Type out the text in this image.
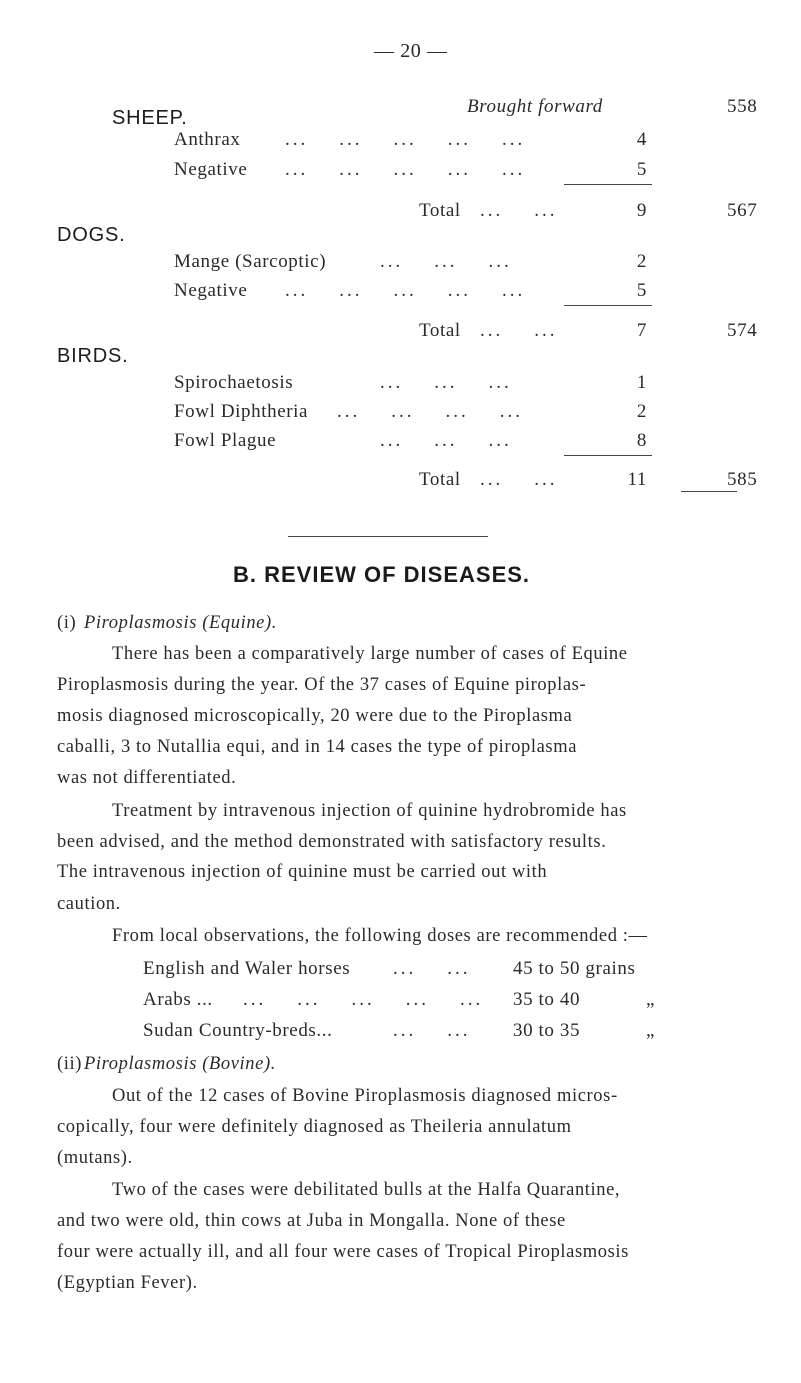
— 20 —
SHEEP.
Brought forward	558
Anthrax ...    ...    ...    ...    ...	4
Negative ...    ...    ...    ...    ...	5
Total ...    ...	9	567
DOGS.
Mange (Sarcoptic)	...    ...    ...	2
Negative ...    ...    ...    ...    ...	5
Total ...    ...	7	574
BIRDS.
Spirochaetosis	...    ...    ...	1
Fowl Diphtheria ...    ...    ...    ...	2
Fowl Plague	...    ...    ...	8
Total ...    ...	11	585
B. REVIEW OF DISEASES.
(i) Piroplasmosis (Equine).
There has been a comparatively large number of cases of Equine
Piroplasmosis during the year. Of the 37 cases of Equine piroplas-
mosis diagnosed microscopically, 20 were due to the Piroplasma
caballi, 3 to Nutallia equi, and in 14 cases the type of piroplasma
was not differentiated.
Treatment by intravenous injection of quinine hydrobromide has
been advised, and the method demonstrated with satisfactory results.
The intravenous injection of quinine must be carried out with
caution.
From local observations, the following doses are recommended :—
English and Waler horses ...    ... 45 to 50 grains
Arabs ... ...    ...    ...    ...    ... 35 to 40	„
Sudan Country-breds...	...    ... 30 to 35	„
(ii) Piroplasmosis (Bovine).
Out of the 12 cases of Bovine Piroplasmosis diagnosed micros-
copically, four were definitely diagnosed as Theileria annulatum
(mutans).
Two of the cases were debilitated bulls at the Halfa Quarantine,
and two were old, thin cows at Juba in Mongalla. None of these
four were actually ill, and all four were cases of Tropical Piroplasmosis
(Egyptian Fever).
